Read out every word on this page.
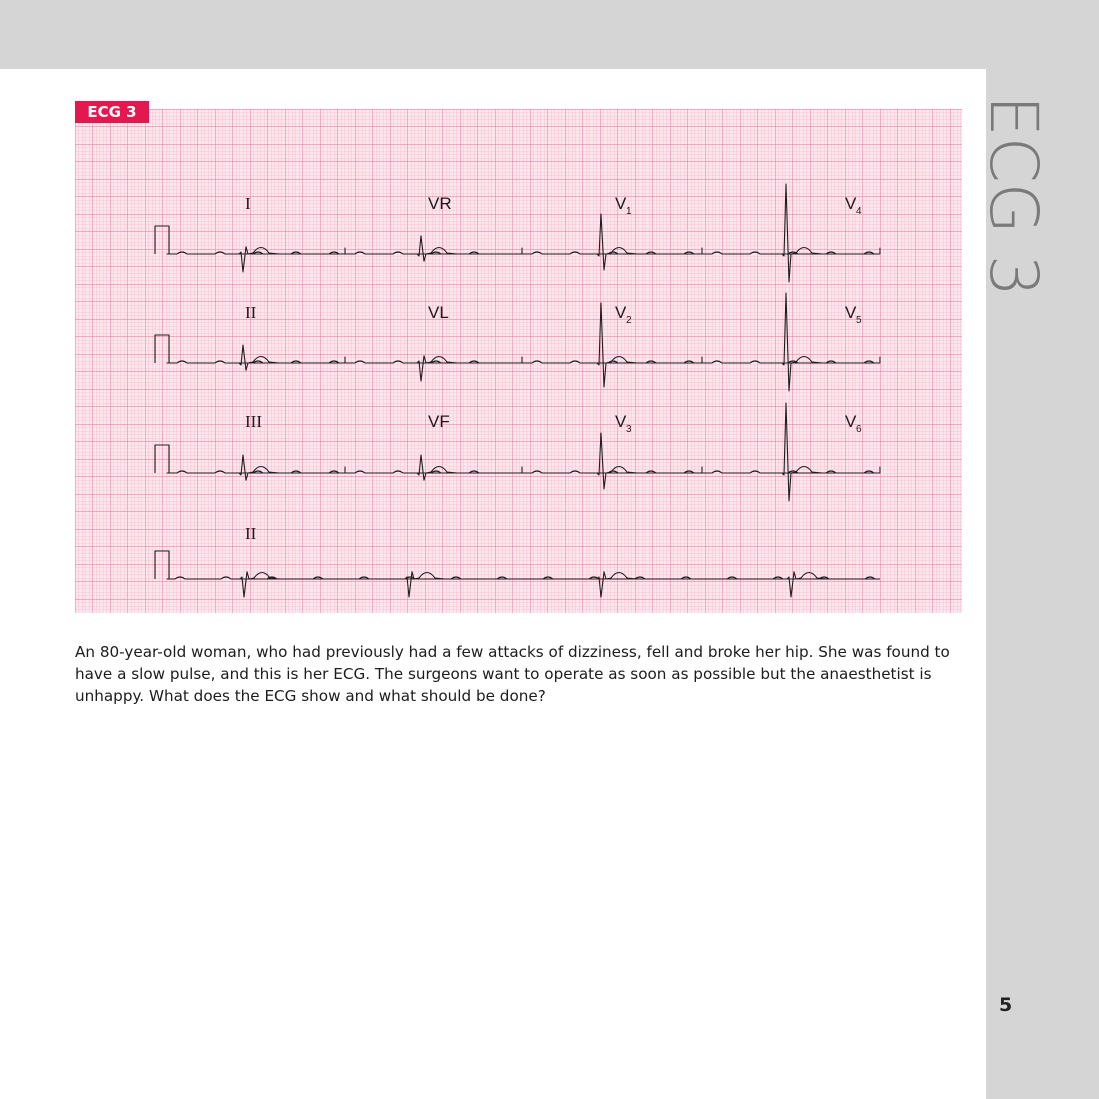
ECG 3
5
ECG 3
I	VR	V 1	V 4
II	VL	V 2	V 5
III	VF	V 3	V 6
II

An 80-year-old woman, who had previously had a few attacks of dizziness, fell and broke her hip. She was found to have a slow pulse, and this is her ECG. The surgeons want to operate as soon as possible but the anaesthetist is unhappy. What does the ECG show and what should be done?
